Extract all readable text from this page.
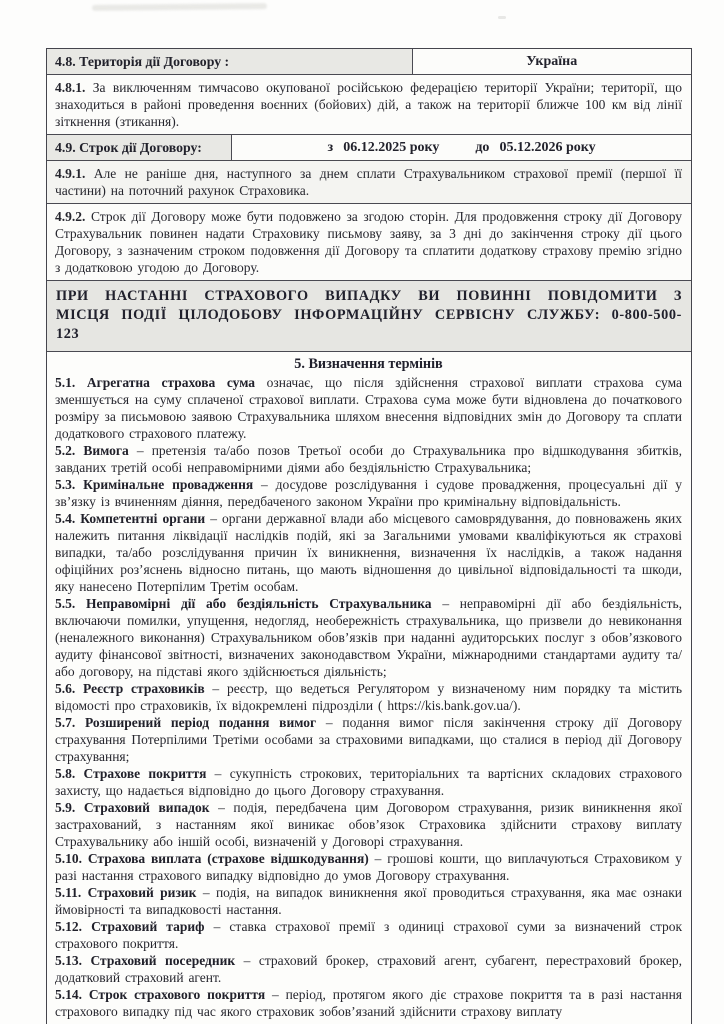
4.8. Територія дії Договору :	Україна

4.8.1. За виключенням тимчасово окупованої російською федерацією території України; території, що знаходиться в районі проведення воєнних (бойових) дій, а також на території ближче 100 км від лінії зіткнення (зтикання).

4.9. Строк дії Договору:	з 06.12.2025 року	до 05.12.2026 року

4.9.1. Але не раніше дня, наступного за днем сплати Страхувальником страхової премії (першої її частини) на поточний рахунок Страховика.

4.9.2. Строк дії Договору може бути подовжено за згодою сторін. Для продовження строку дії Договору Страхувальник повинен надати Страховику письмову заяву, за 3 дні до закінчення строку дії цього Договору, з зазначеним строком подовження дії Договору та сплатити додаткову страхову премію згідно з додатковою угодою до Договору.

ПРИ НАСТАННІ СТРАХОВОГО ВИПАДКУ ВИ ПОВИННІ ПОВІДОМИТИ З МІСЦЯ ПОДІЇ ЦІЛОДОБОВУ ІНФОРМАЦІЙНУ СЕРВІСНУ СЛУЖБУ: 0-800-500-123

5. Визначення термінів

5.1. Агрегатна страхова сума означає, що після здійснення страхової виплати страхова сума зменшується на суму сплаченої страхової виплати. Страхова сума може бути відновлена до початкового розміру за письмовою заявою Страхувальника шляхом внесення відповідних змін до Договору та сплати додаткового страхового платежу.

5.2. Вимога – претензія та/або позов Третьої особи до Страхувальника про відшкодування збитків, завданих третій особі неправомірними діями або бездіяльністю Страхувальника;

5.3. Кримінальне провадження – досудове розслідування і судове провадження, процесуальні дії у зв’язку із вчиненням діяння, передбаченого законом України про кримінальну відповідальність.

5.4. Компетентні органи – органи державної влади або місцевого самоврядування, до повноважень яких належить питання ліквідації наслідків подій, які за Загальними умовами кваліфікуються як страхові випадки, та/або розслідування причин їх виникнення, визначення їх наслідків, а також надання офіційних роз’яснень відносно питань, що мають відношення до цивільної відповідальності та шкоди, яку нанесено Потерпілим Третім особам.

5.5. Неправомірні дії або бездіяльність Страхувальника – неправомірні дії або бездіяльність, включаючи помилки, упущення, недогляд, необережність страхувальника, що призвели до невиконання (неналежного виконання) Страхувальником обов’язків при наданні аудиторських послуг з обов’язкового аудиту фінансової звітності, визначених законодавством України, міжнародними стандартами аудиту та/або договору, на підставі якого здійснюється діяльність;

5.6. Реєстр страховиків – реєстр, що ведеться Регулятором у визначеному ним порядку та містить відомості про страховиків, їх відокремлені підрозділи ( https://kis.bank.gov.ua/).

5.7. Розширений період подання вимог – подання вимог після закінчення строку дії Договору страхування Потерпілими Третіми особами за страховими випадками, що сталися в період дії Договору страхування;

5.8. Страхове покриття – сукупність строкових, територіальних та вартісних складових страхового захисту, що надається відповідно до цього Договору страхування.

5.9. Страховий випадок – подія, передбачена цим Договором страхування, ризик виникнення якої застрахований, з настанням якої виникає обов’язок Страховика здійснити страхову виплату Страхувальнику або іншій особі, визначеній у Договорі страхування.

5.10. Страхова виплата (страхове відшкодування) – грошові кошти, що виплачуються Страховиком у разі настання страхового випадку відповідно до умов Договору страхування.

5.11. Страховий ризик – подія, на випадок виникнення якої проводиться страхування, яка має ознаки ймовірності та випадковості настання.

5.12. Страховий тариф – ставка страхової премії з одиниці страхової суми за визначений строк страхового покриття.

5.13. Страховий посередник – страховий брокер, страховий агент, субагент, перестраховий брокер, додатковий страховий агент.

5.14. Строк страхового покриття – період, протягом якого діє страхове покриття та в разі настання страхового випадку під час якого страховик зобов’язаний здійснити страхову виплату
